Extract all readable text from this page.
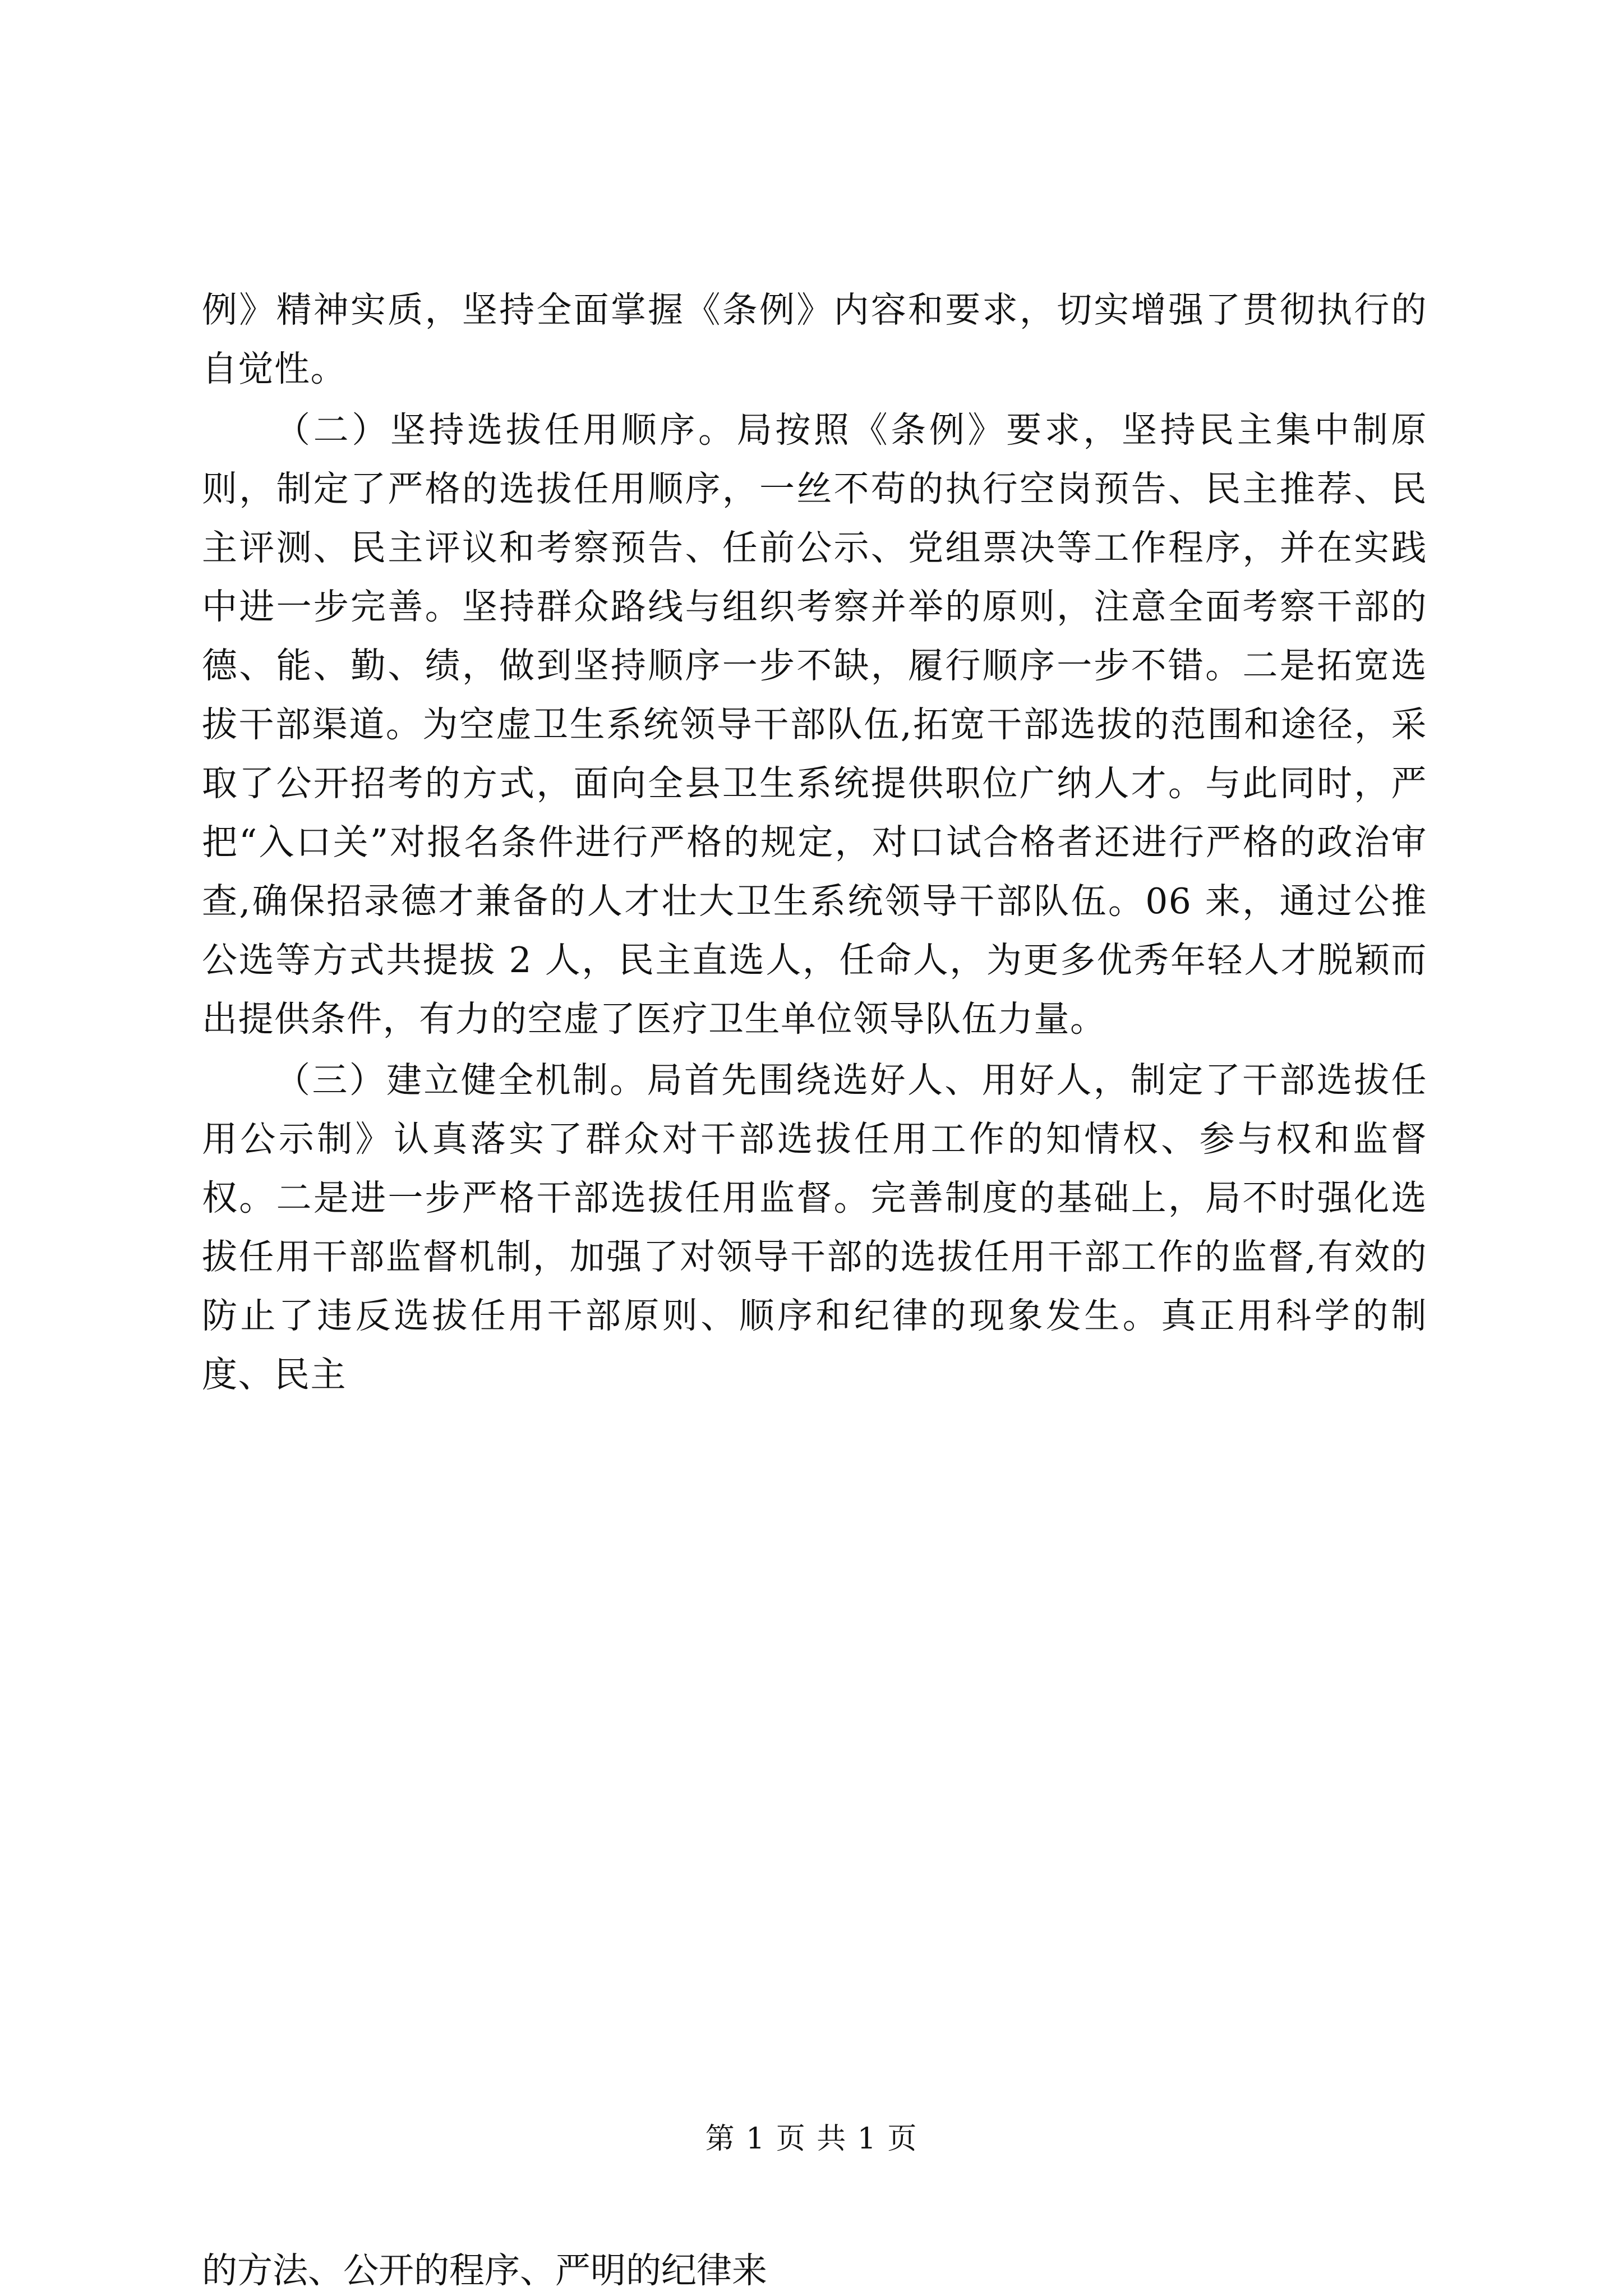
例》精神实质，坚持全面掌握《条例》内容和要求，切实增强了贯彻执行的自觉性。

（二）坚持选拔任用顺序。局按照《条例》要求，坚持民主集中制原则，制定了严格的选拔任用顺序，一丝不苟的执行空岗预告、民主推荐、民主评测、民主评议和考察预告、任前公示、党组票决等工作程序，并在实践中进一步完善。坚持群众路线与组织考察并举的原则，注意全面考察干部的德、能、勤、绩，做到坚持顺序一步不缺，履行顺序一步不错。二是拓宽选拔干部渠道。为空虚卫生系统领导干部队伍,拓宽干部选拔的范围和途径，采取了公开招考的方式，面向全县卫生系统提供职位广纳人才。与此同时，严把“入口关”对报名条件进行严格的规定，对口试合格者还进行严格的政治审查,确保招录德才兼备的人才壮大卫生系统领导干部队伍。06 来，通过公推公选等方式共提拔 2 人，民主直选人，任命人，为更多优秀年轻人才脱颖而出提供条件，有力的空虚了医疗卫生单位领导队伍力量。

（三）建立健全机制。局首先围绕选好人、用好人，制定了干部选拔任用公示制》认真落实了群众对干部选拔任用工作的知情权、参与权和监督权。二是进一步严格干部选拔任用监督。完善制度的基础上，局不时强化选拔任用干部监督机制，加强了对领导干部的选拔任用干部工作的监督,有效的防止了违反选拔任用干部原则、顺序和纪律的现象发生。真正用科学的制度、民主

第 1 页 共 1 页
的方法、公开的程序、严明的纪律来
